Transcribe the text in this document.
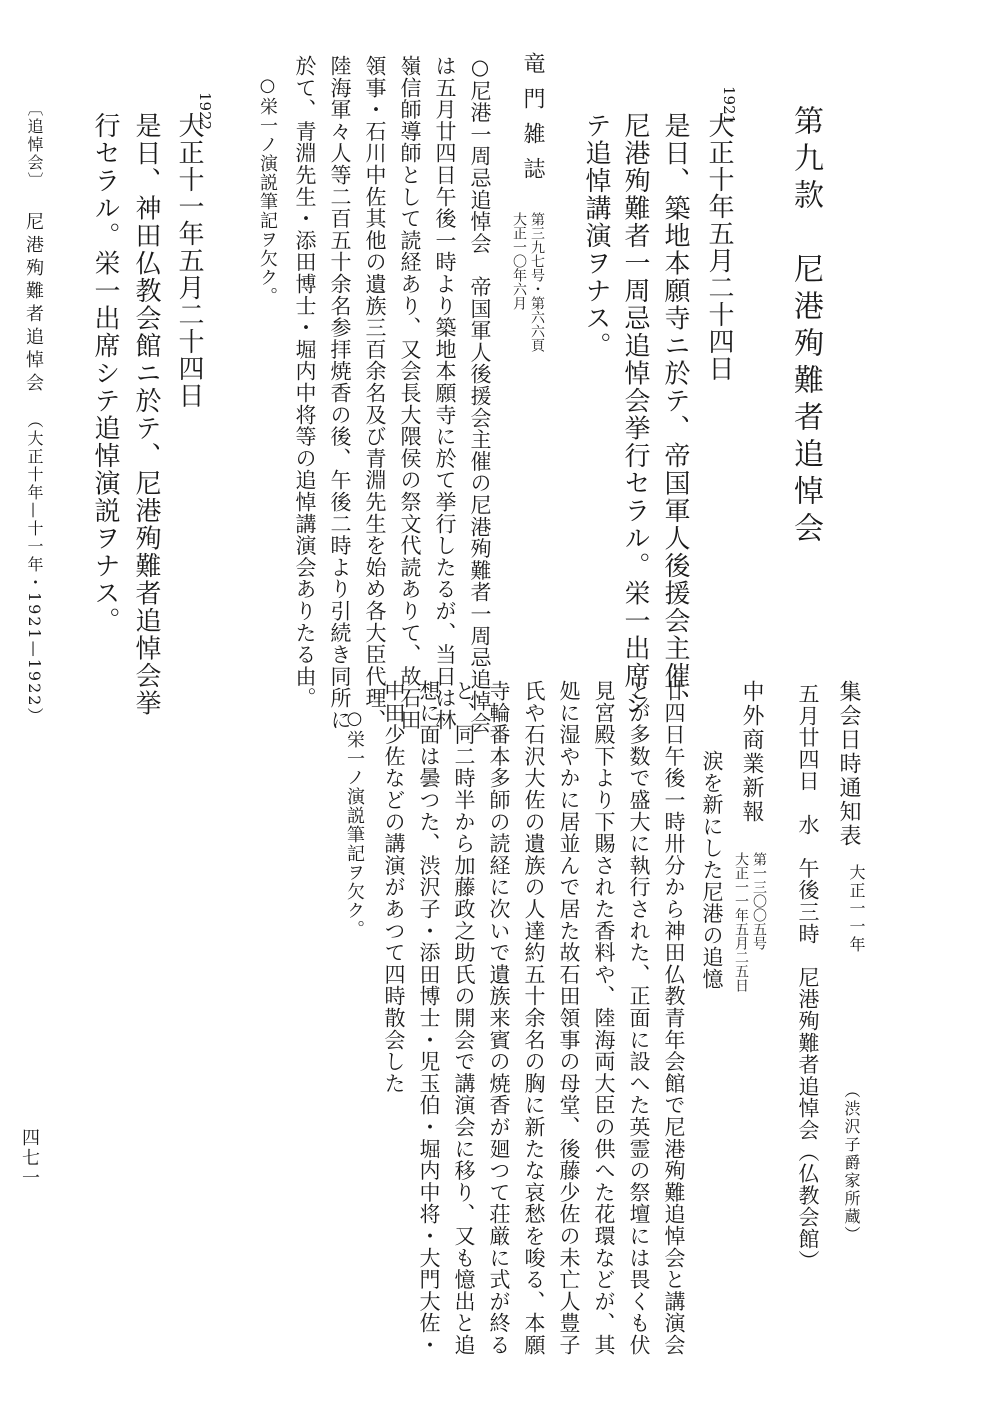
第九款　尼港殉難者追悼会
1921
大正十年五月二十四日
是日、築地本願寺ニ於テ、帝国軍人後援会主催、
尼港殉難者一周忌追悼会挙行セラル。栄一出席シ
テ追悼講演ヲナス。
竜門雑誌
第三九七号・第六六頁
大正一〇年六月
○尼港一周忌追悼会　帝国軍人後援会主催の尼港殉難者一周忌追悼会
は五月廿四日午後一時より築地本願寺に於て挙行したるが、当日は林
嶺信師導師として読経あり、又会長大隈侯の祭文代読ありて、故石田
領事・石川中佐其他の遺族三百余名及び青淵先生を始め各大臣代理、
陸海軍々人等二百五十余名参拝焼香の後、午後二時より引続き同所に
於て、青淵先生・添田博士・堀内中将等の追悼講演会ありたる由。
○栄一ノ演説筆記ヲ欠ク。
1922
大正十一年五月二十四日
是日、神田仏教会館ニ於テ、尼港殉難者追悼会挙
行セラル。栄一出席シテ追悼演説ヲナス。
集会日時通知表
大正一一年
（渋沢子爵家所蔵）
五月廿四日　水　午後三時　尼港殉難者追悼会（仏教会館）
中外商業新報
第一三〇〇五号
大正一一年五月二五日
涙を新にした尼港の追憶
廿四日午後一時卅分から神田仏教青年会館で尼港殉難追悼会と講演会
とが多数で盛大に執行された、正面に設へた英霊の祭壇には畏くも伏
見宮殿下より下賜された香料や、陸海両大臣の供へた花環などが、其
処に湿やかに居並んで居た故石田領事の母堂、後藤少佐の未亡人豊子
氏や石沢大佐の遺族の人達約五十余名の胸に新たな哀愁を唆る、本願
寺輪番本多師の読経に次いで遺族来賓の焼香が廻つて荘厳に式が終る
と、同二時半から加藤政之助氏の開会で講演会に移り、又も憶出と追
想に面は曇つた、渋沢子・添田博士・児玉伯・堀内中将・大門大佐・
中田少佐などの講演があつて四時散会した
○栄一ノ演説筆記ヲ欠ク。
〔追悼会〕
尼港殉難者追悼会
（大正十年—十一年・1921—1922）
四七一
